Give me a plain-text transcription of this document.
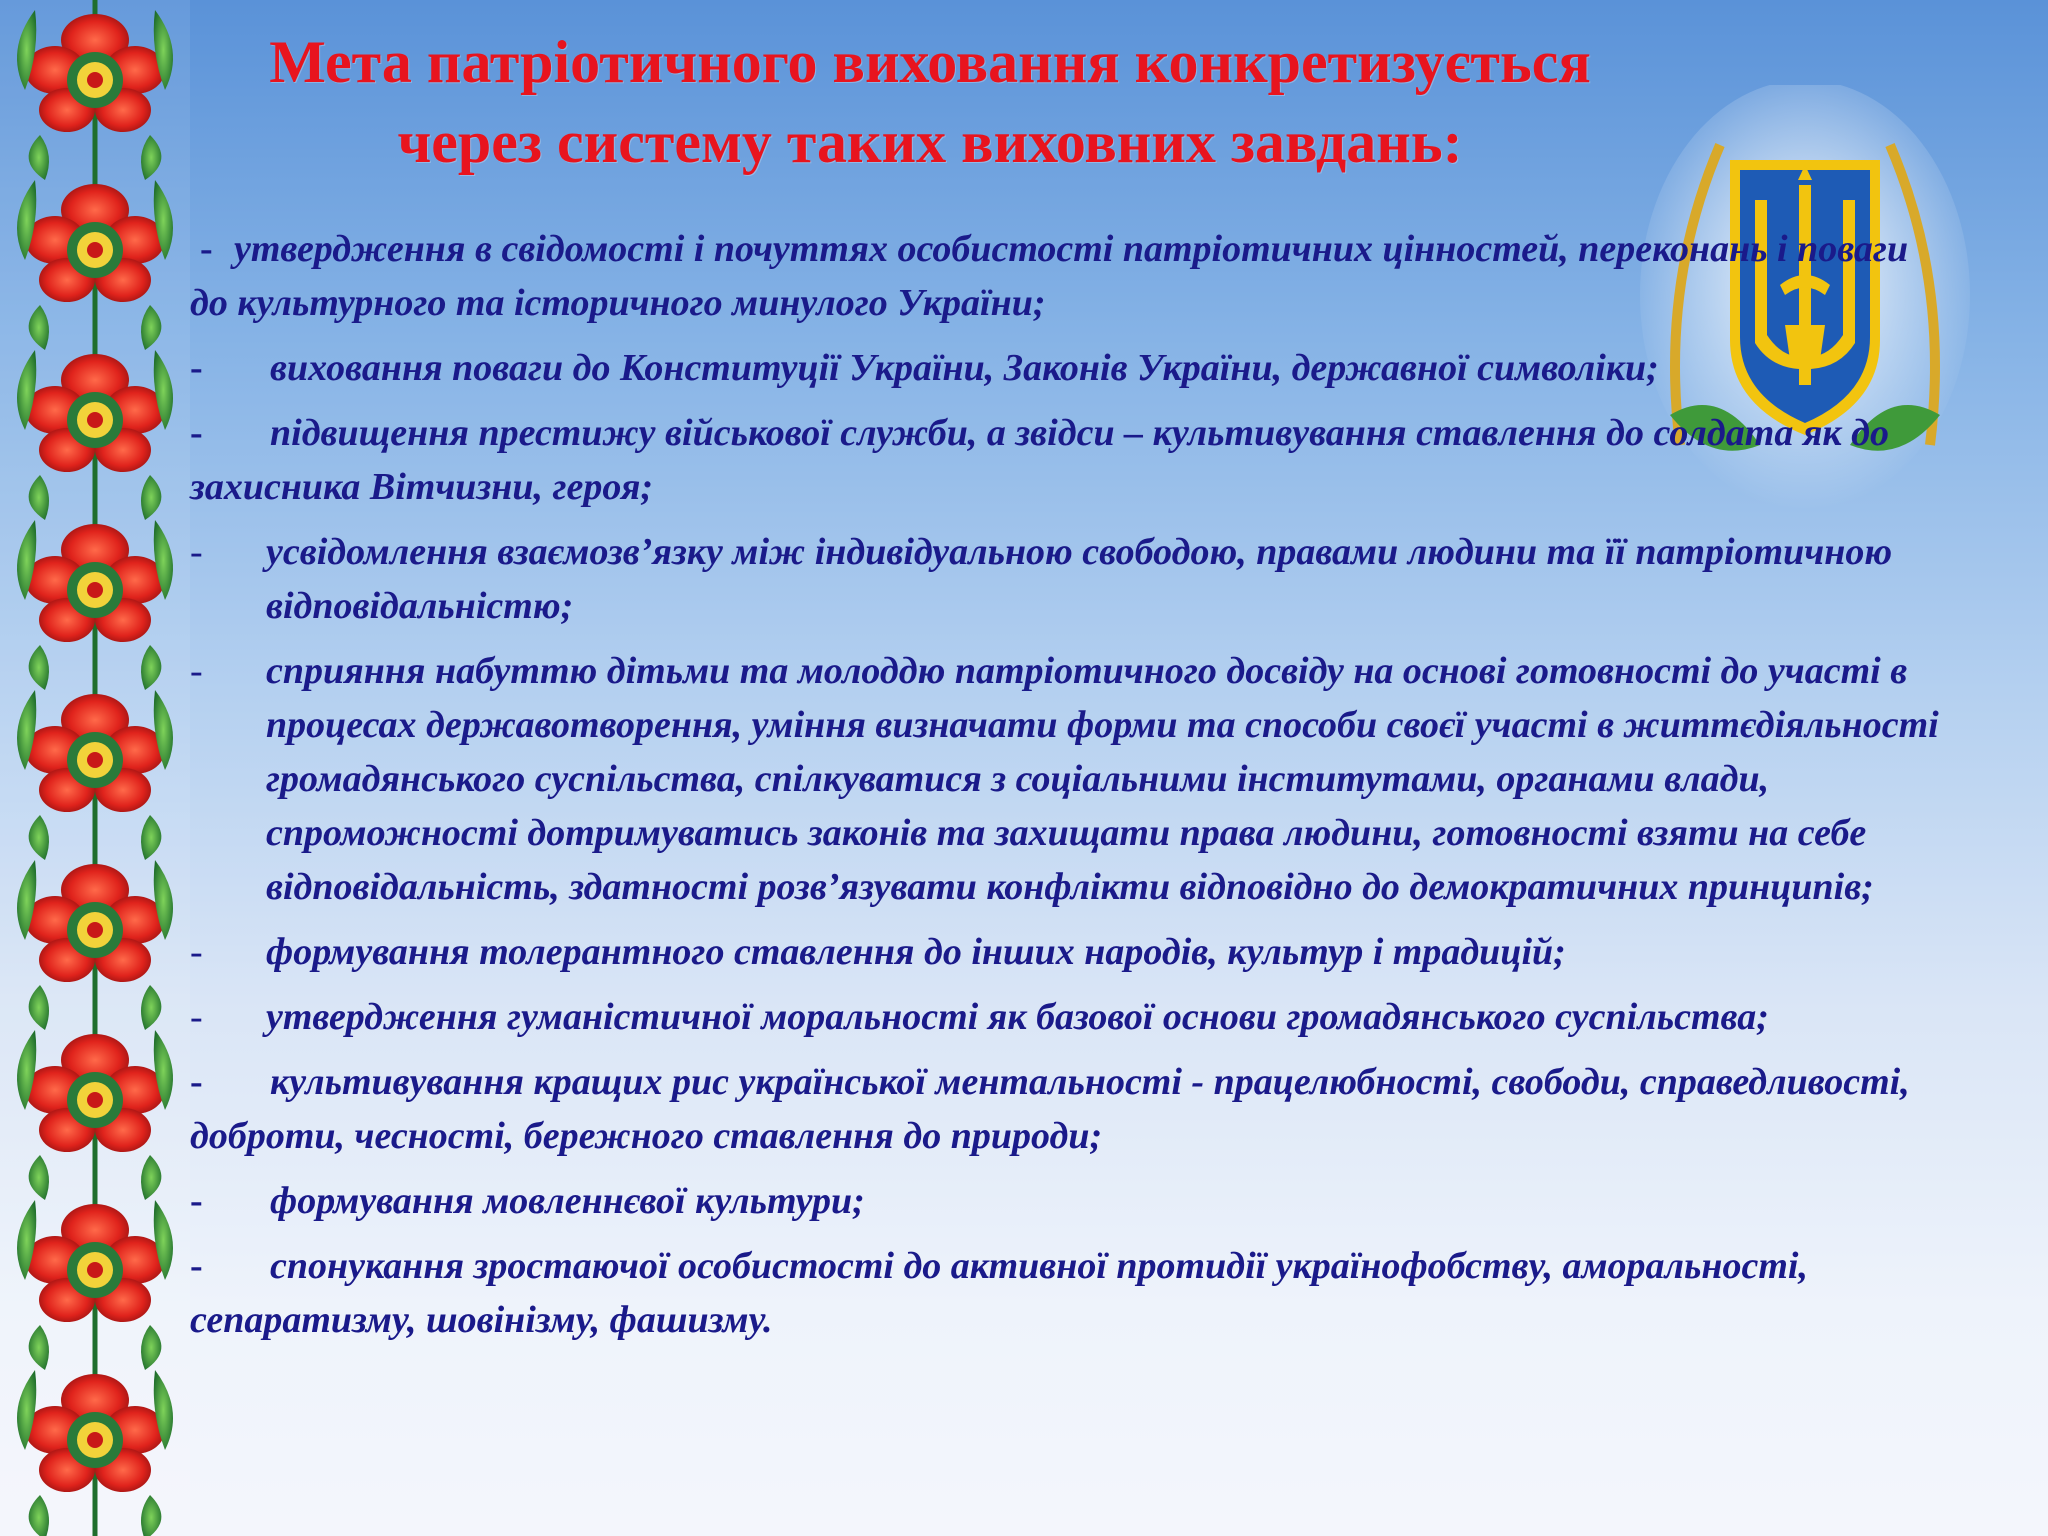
Мета патріотичного виховання конкретизується
через систему таких виховних завдань:
- утвердження в свідомості і почуттях особистості патріотичних цінностей, переконань і поваги до культурного та історичного минулого України;
- виховання поваги до Конституції України, Законів України, державної символіки;
- підвищення престижу військової служби, а звідси – культивування ставлення до солдата як до захисника Вітчизни, героя;
- усвідомлення взаємозв’язку між індивідуальною свободою, правами людини та її патріотичною відповідальністю;
- сприяння набуттю дітьми та молоддю патріотичного досвіду на основі готовності до участі в процесах державотворення, уміння визначати форми та способи своєї участі в життєдіяльності громадянського суспільства, спілкуватися з соціальними інститутами, органами влади, спроможності дотримуватись законів та захищати права людини, готовності взяти на себе відповідальність, здатності розв’язувати конфлікти відповідно до демократичних принципів;
- формування толерантного ставлення до інших народів, культур і традицій;
- утвердження гуманістичної моральності як базової основи громадянського суспільства;
- культивування кращих рис української ментальності - працелюбності, свободи, справедливості, доброти, чесності, бережного ставлення до природи;
- формування мовленнєвої культури;
- спонукання зростаючої особистості до активної протидії українофобству, аморальності, сепаратизму, шовінізму, фашизму.
